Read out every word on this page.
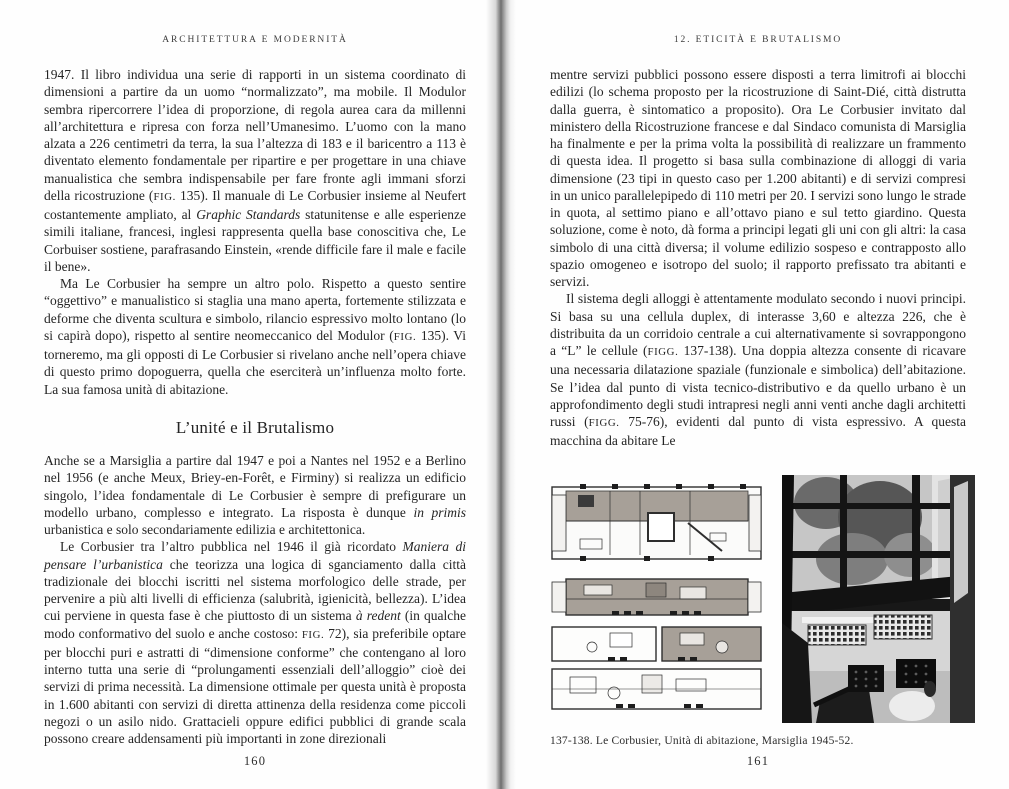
ARCHITETTURA E MODERNITÀ

1947. Il libro individua una serie di rapporti in un sistema coordinato di dimensioni a partire da un uomo “normalizzato”, ma mobile. Il Modulor sembra ripercorrere l’idea di proporzione, di regola aurea cara da millenni all’architettura e ripresa con forza nell’Umanesimo. L’uomo con la mano alzata a 226 centimetri da terra, la sua l’altezza di 183 e il baricentro a 113 è diventato elemento fondamentale per ripartire e per progettare in una chiave manualistica che sembra indispensabile per fare fronte agli immani sforzi della ricostruzione (FIG. 135). Il manuale di Le Corbusier insieme al Neufert costantemente ampliato, al Graphic Standards statunitense e alle esperienze simili italiane, francesi, inglesi rappresenta quella base conoscitiva che, Le Corbuiser sostiene, parafrasando Einstein, «rende difficile fare il male e facile il bene».

Ma Le Corbusier ha sempre un altro polo. Rispetto a questo sentire “oggettivo” e manualistico si staglia una mano aperta, fortemente stilizzata e deforme che diventa scultura e simbolo, rilancio espressivo molto lontano (lo si capirà dopo), rispetto al sentire neomeccanico del Modulor (FIG. 135). Vi torneremo, ma gli opposti di Le Corbusier si rivelano anche nell’opera chiave di questo primo dopoguerra, quella che eserciterà un’influenza molto forte. La sua famosa unità di abitazione.

L’unité e il Brutalismo

Anche se a Marsiglia a partire dal 1947 e poi a Nantes nel 1952 e a Berlino nel 1956 (e anche Meux, Briey-en-Forêt, e Firminy) si realizza un edificio singolo, l’idea fondamentale di Le Corbusier è sempre di prefigurare un modello urbano, complesso e integrato. La risposta è dunque in primis urbanistica e solo secondariamente edilizia e architettonica.

Le Corbusier tra l’altro pubblica nel 1946 il già ricordato Maniera di pensare l’urbanistica che teorizza una logica di sganciamento dalla città tradizionale dei blocchi iscritti nel sistema morfologico delle strade, per pervenire a più alti livelli di efficienza (salubrità, igienicità, bellezza). L’idea cui perviene in questa fase è che piuttosto di un sistema à redent (in qualche modo conformativo del suolo e anche costoso: FIG. 72), sia preferibile optare per blocchi puri e astratti di “dimensione conforme” che contengano al loro interno tutta una serie di “prolungamenti essenziali dell’alloggio” cioè dei servizi di prima necessità. La dimensione ottimale per questa unità è proposta in 1.600 abitanti con servizi di diretta attinenza della residenza come piccoli negozi o un asilo nido. Grattacieli oppure edifici pubblici di grande scala possono creare addensamenti più importanti in zone direzionali

160
12. ETICITÀ E BRUTALISMO

mentre servizi pubblici possono essere disposti a terra limitrofi ai blocchi edilizi (lo schema proposto per la ricostruzione di Saint-Dié, città distrutta dalla guerra, è sintomatico a proposito). Ora Le Corbusier invitato dal ministero della Ricostruzione francese e dal Sindaco comunista di Marsiglia ha finalmente e per la prima volta la possibilità di realizzare un frammento di questa idea. Il progetto si basa sulla combinazione di alloggi di varia dimensione (23 tipi in questo caso per 1.200 abitanti) e di servizi compresi in un unico parallelepipedo di 110 metri per 20. I servizi sono lungo le strade in quota, al settimo piano e all’ottavo piano e sul tetto giardino. Questa soluzione, come è noto, dà forma a principi legati gli uni con gli altri: la casa simbolo di una città diversa; il volume edilizio sospeso e contrapposto allo spazio omogeneo e isotropo del suolo; il rapporto prefissato tra abitanti e servizi.

Il sistema degli alloggi è attentamente modulato secondo i nuovi principi. Si basa su una cellula duplex, di interasse 3,60 e altezza 226, che è distribuita da un corridoio centrale a cui alternativamente si sovrappongono a “L” le cellule (FIGG. 137-138). Una doppia altezza consente di ricavare una necessaria dilatazione spaziale (funzionale e simbolica) dell’abitazione. Se l’idea dal punto di vista tecnico-distributivo e da quello urbano è un approfondimento degli studi intrapresi negli anni venti anche dagli architetti russi (FIGG. 75-76), evidenti dal punto di vista espressivo. A questa macchina da abitare Le

137-138. Le Corbusier, Unità di abitazione, Marsiglia 1945-52.
161
